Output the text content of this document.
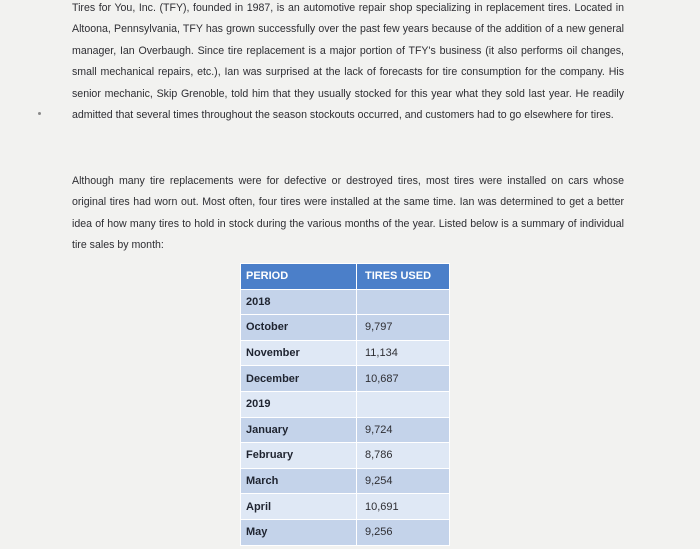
Tires for You, Inc. (TFY), founded in 1987, is an automotive repair shop specializing in replacement tires. Located in Altoona, Pennsylvania, TFY has grown successfully over the past few years because of the addition of a new general manager, Ian Overbaugh. Since tire replacement is a major portion of TFY's business (it also performs oil changes, small mechanical repairs, etc.), Ian was surprised at the lack of forecasts for tire consumption for the company. His senior mechanic, Skip Grenoble, told him that they usually stocked for this year what they sold last year. He readily admitted that several times throughout the season stockouts occurred, and customers had to go elsewhere for tires.

Although many tire replacements were for defective or destroyed tires, most tires were installed on cars whose original tires had worn out. Most often, four tires were installed at the same time. Ian was determined to get a better idea of how many tires to hold in stock during the various months of the year. Listed below is a summary of individual tire sales by month:

PERIOD	TIRES USED
2018	
October	9,797
November	11,134
December	10,687
2019	
January	9,724
February	8,786
March	9,254
April	10,691
May	9,256
